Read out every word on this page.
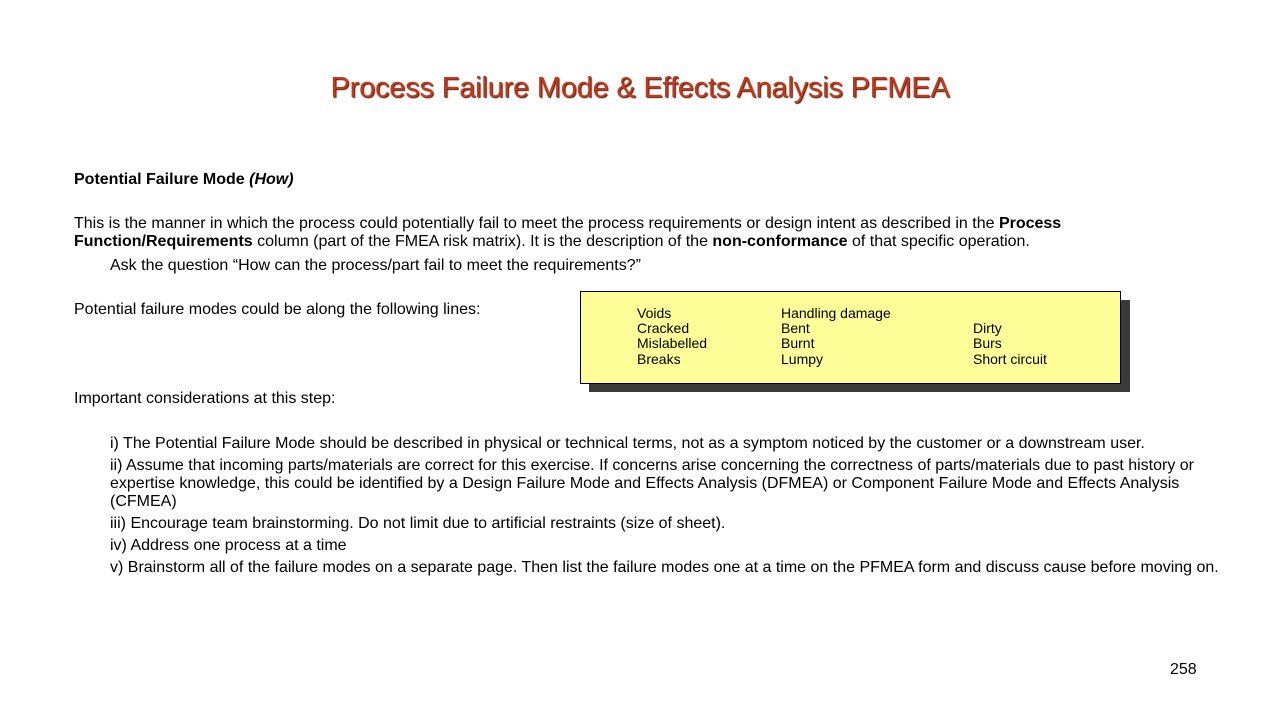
Process Failure Mode & Effects Analysis PFMEA
Potential Failure Mode (How)
This is the manner in which the process could potentially fail to meet the process requirements or design intent as described in the Process Function/Requirements column (part of the FMEA risk matrix). It is the description of the non-conformance of that specific operation.
Ask the question “How can the process/part fail to meet the requirements?”
Potential failure modes could be along the following lines:	Voids
Cracked
Mislabelled
Breaks
Handling damage
Bent
Burnt
Lumpy
Dirty
Burs
Short circuit
Important considerations at this step:
i) The Potential Failure Mode should be described in physical or technical terms, not as a symptom noticed by the customer or a downstream user.
ii) Assume that incoming parts/materials are correct for this exercise. If concerns arise concerning the correctness of parts/materials due to past history or expertise knowledge, this could be identified by a Design Failure Mode and Effects Analysis (DFMEA) or Component Failure Mode and Effects Analysis (CFMEA)
iii) Encourage team brainstorming. Do not limit due to artificial restraints (size of sheet).
iv) Address one process at a time
v) Brainstorm all of the failure modes on a separate page. Then list the failure modes one at a time on the PFMEA form and discuss cause before moving on.
258
